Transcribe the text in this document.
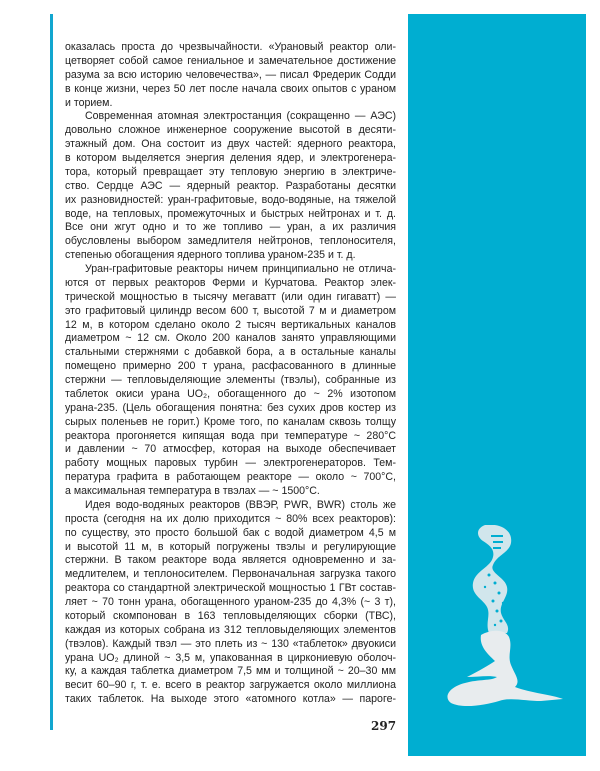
оказалась проста до чрезвычайности. «Урановый реактор оли-
цетворяет собой самое гениальное и замечательное достижение
разума за всю историю человечества», — писал Фредерик Содди
в конце жизни, через 50 лет после начала своих опытов с ураном
и торием.
Современная атомная электростанция (сокращенно — АЭС)
довольно сложное инженерное сооружение высотой в десяти-
этажный дом. Она состоит из двух частей: ядерного реактора,
в котором выделяется энергия деления ядер, и электрогенера-
тора, который превращает эту тепловую энергию в электриче-
ство. Сердце АЭС — ядерный реактор. Разработаны десятки
их разновидностей: уран-графитовые, водо-водяные, на тяжелой
воде, на тепловых, промежуточных и быстрых нейтронах и т. д.
Все они жгут одно и то же топливо — уран, а их различия
обусловлены выбором замедлителя нейтронов, теплоносителя,
степенью обогащения ядерного топлива ураном-235 и т. д.
Уран-графитовые реакторы ничем принципиально не отлича-
ются от первых реакторов Ферми и Курчатова. Реактор элек-
трической мощностью в тысячу мегаватт (или один гигаватт) —
это графитовый цилиндр весом 600 т, высотой 7 м и диаметром
12 м, в котором сделано около 2 тысяч вертикальных каналов
диаметром ~ 12 см. Около 200 каналов занято управляющими
стальными стержнями с добавкой бора, а в остальные каналы
помещено примерно 200 т урана, расфасованного в длинные
стержни — тепловыделяющие элементы (твэлы), собранные из
таблеток окиси урана UO₂, обогащенного до ~ 2% изотопом
урана-235. (Цель обогащения понятна: без сухих дров костер из
сырых поленьев не горит.) Кроме того, по каналам сквозь толщу
реактора прогоняется кипящая вода при температуре ~ 280°С
и давлении ~ 70 атмосфер, которая на выходе обеспечивает
работу мощных паровых турбин — электрогенераторов. Тем-
пература графита в работающем реакторе — около ~ 700°С,
а максимальная температура в твэлах — ~ 1500°С.
Идея водо-водяных реакторов (ВВЭР, PWR, BWR) столь же
проста (сегодня на их долю приходится ~ 80% всех реакторов):
по существу, это просто большой бак с водой диаметром 4,5 м
и высотой 11 м, в который погружены твэлы и регулирующие
стержни. В таком реакторе вода является одновременно и за-
медлителем, и теплоносителем. Первоначальная загрузка такого
реактора со стандартной электрической мощностью 1 ГВт состав-
ляет ~ 70 тонн урана, обогащенного ураном-235 до 4,3% (~ 3 т),
который скомпонован в 163 тепловыделяющих сборки (ТВС),
каждая из которых собрана из 312 тепловыделяющих элементов
(твэлов). Каждый твэл — это плеть из ~ 130 «таблеток» двуокиси
урана UO₂ длиной ~ 3,5 м, упакованная в циркониевую оболоч-
ку, а каждая таблетка диаметром 7,5 мм и толщиной ~ 20–30 мм
весит 60–90 г, т. е. всего в реактор загружается около миллиона
таких таблеток. На выходе этого «атомного котла» — пароге-
297
